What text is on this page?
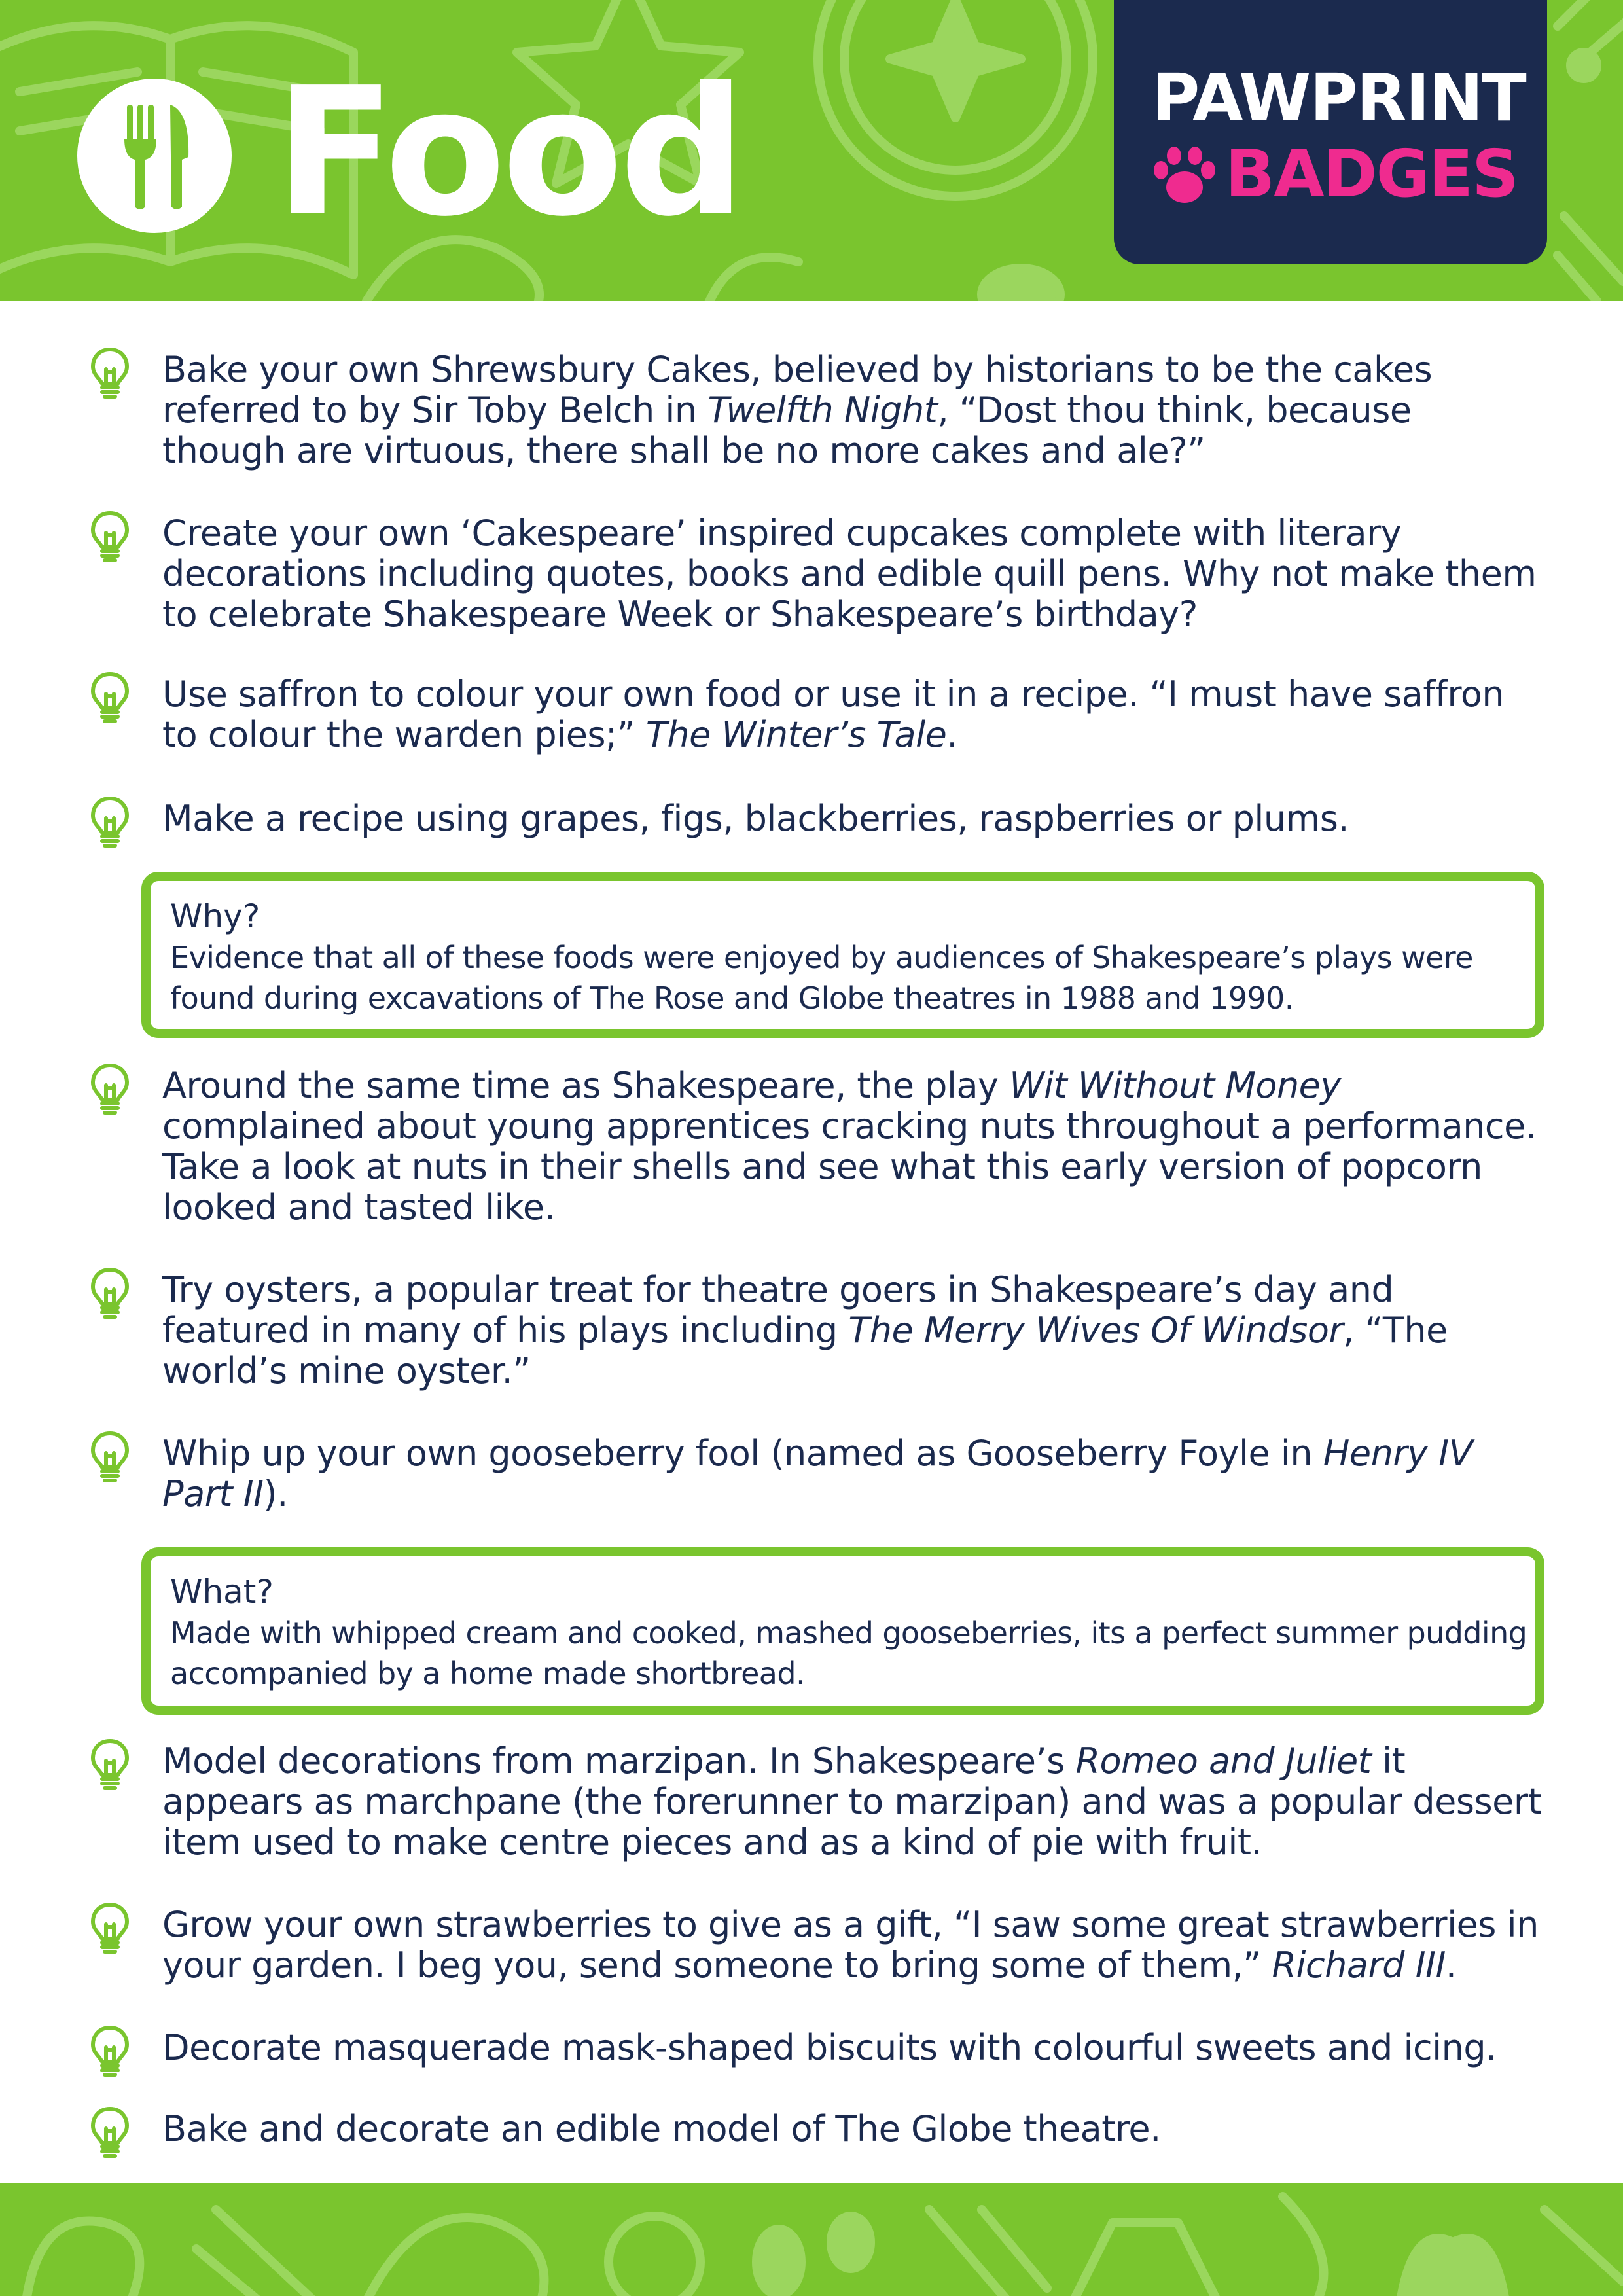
Food	PAWPRINT
BADGES
Bake your own Shrewsbury Cakes, believed by historians to be the cakes referred to by Sir Toby Belch in Twelfth Night, “Dost thou think, because though are virtuous, there shall be no more cakes and ale?”
Create your own ‘Cakespeare’ inspired cupcakes complete with literary decorations including quotes, books and edible quill pens. Why not make them to celebrate Shakespeare Week or Shakespeare’s birthday?
Use saffron to colour your own food or use it in a recipe. “I must have saffron to colour the warden pies;” The Winter’s Tale.
Make a recipe using grapes, figs, blackberries, raspberries or plums.
Why?
Evidence that all of these foods were enjoyed by audiences of Shakespeare’s plays were found during excavations of The Rose and Globe theatres in 1988 and 1990.
Around the same time as Shakespeare, the play Wit Without Money complained about young apprentices cracking nuts throughout a performance. Take a look at nuts in their shells and see what this early version of popcorn looked and tasted like.
Try oysters, a popular treat for theatre goers in Shakespeare’s day and featured in many of his plays including The Merry Wives Of Windsor, “The world’s mine oyster.”
Whip up your own gooseberry fool (named as Gooseberry Foyle in Henry IV Part II).
What?
Made with whipped cream and cooked, mashed gooseberries, its a perfect summer pudding accompanied by a home made shortbread.
Model decorations from marzipan. In Shakespeare’s Romeo and Juliet it appears as marchpane (the forerunner to marzipan) and was a popular dessert item used to make centre pieces and as a kind of pie with fruit.
Grow your own strawberries to give as a gift, “I saw some great strawberries in your garden. I beg you, send someone to bring some of them,” Richard III.
Decorate masquerade mask-shaped biscuits with colourful sweets and icing.
Bake and decorate an edible model of The Globe theatre.
